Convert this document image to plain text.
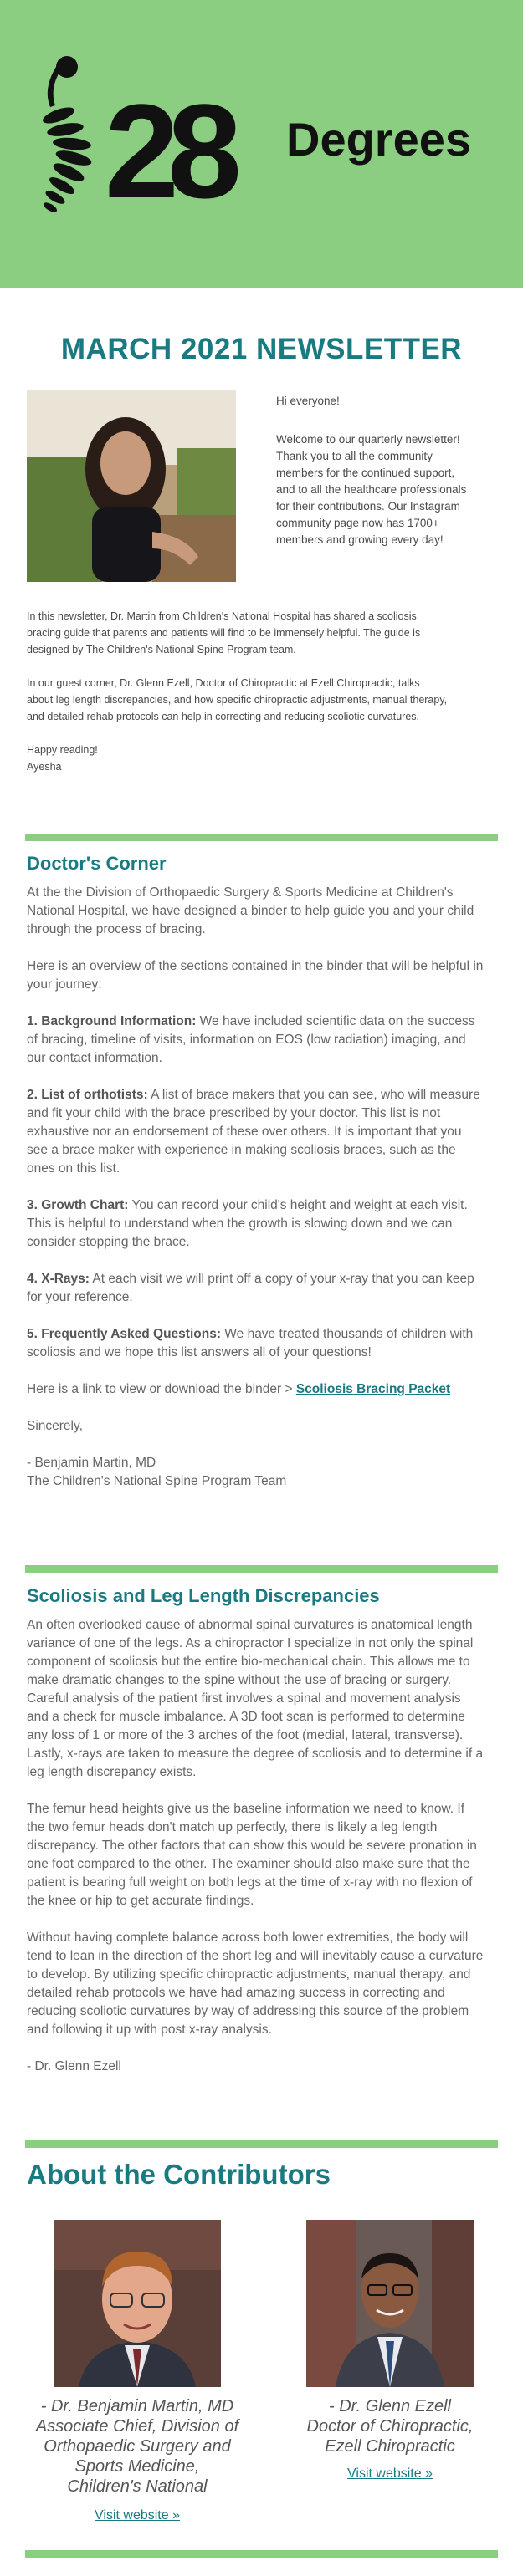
28 Degrees
MARCH 2021 NEWSLETTER

Hi everyone!

Welcome to our quarterly newsletter!

Thank you to all the community

members for the continued support,

and to all the healthcare professionals

for their contributions. Our Instagram

community page now has 1700+

members and growing every day!

In this newsletter, Dr. Martin from Children's National Hospital has shared a scoliosis

bracing guide that parents and patients will find to be immensely helpful. The guide is

designed by The Children's National Spine Program team.

In our guest corner, Dr. Glenn Ezell, Doctor of Chiropractic at Ezell Chiropractic, talks

about leg length discrepancies, and how specific chiropractic adjustments, manual therapy,

and detailed rehab protocols can help in correcting and reducing scoliotic curvatures.

Happy reading!

Ayesha

Doctor's Corner

At the the Division of Orthopaedic Surgery & Sports Medicine at Children's

National Hospital, we have designed a binder to help guide you and your child

through the process of bracing.

Here is an overview of the sections contained in the binder that will be helpful in

your journey:

1. Background Information: We have included scientific data on the success

of bracing, timeline of visits, information on EOS (low radiation) imaging, and

our contact information.

2. List of orthotists: A list of brace makers that you can see, who will measure

and fit your child with the brace prescribed by your doctor. This list is not

exhaustive nor an endorsement of these over others. It is important that you

see a brace maker with experience in making scoliosis braces, such as the

ones on this list.

3. Growth Chart: You can record your child's height and weight at each visit.

This is helpful to understand when the growth is slowing down and we can

consider stopping the brace.

4. X-Rays: At each visit we will print off a copy of your x-ray that you can keep

for your reference.

5. Frequently Asked Questions: We have treated thousands of children with

scoliosis and we hope this list answers all of your questions!

Here is a link to view or download the binder > Scoliosis Bracing Packet

Sincerely,

- Benjamin Martin, MD

The Children's National Spine Program Team

Scoliosis and Leg Length Discrepancies

An often overlooked cause of abnormal spinal curvatures is anatomical length

variance of one of the legs. As a chiropractor I specialize in not only the spinal

component of scoliosis but the entire bio-mechanical chain. This allows me to

make dramatic changes to the spine without the use of bracing or surgery.

Careful analysis of the patient first involves a spinal and movement analysis

and a check for muscle imbalance. A 3D foot scan is performed to determine

any loss of 1 or more of the 3 arches of the foot (medial, lateral, transverse).

Lastly, x-rays are taken to measure the degree of scoliosis and to determine if a

leg length discrepancy exists.

The femur head heights give us the baseline information we need to know. If

the two femur heads don't match up perfectly, there is likely a leg length

discrepancy. The other factors that can show this would be severe pronation in

one foot compared to the other. The examiner should also make sure that the

patient is bearing full weight on both legs at the time of x-ray with no flexion of

the knee or hip to get accurate findings.

Without having complete balance across both lower extremities, the body will

tend to lean in the direction of the short leg and will inevitably cause a curvature

to develop. By utilizing specific chiropractic adjustments, manual therapy, and

detailed rehab protocols we have had amazing success in correcting and

reducing scoliotic curvatures by way of addressing this source of the problem

and following it up with post x-ray analysis.

- Dr. Glenn Ezell

About the Contributors

- Dr. Benjamin Martin, MD

Associate Chief, Division of

Orthopaedic Surgery and

Sports Medicine,

Children's National

Visit website »

- Dr. Glenn Ezell

Doctor of Chiropractic,

Ezell Chiropractic

Visit website »
